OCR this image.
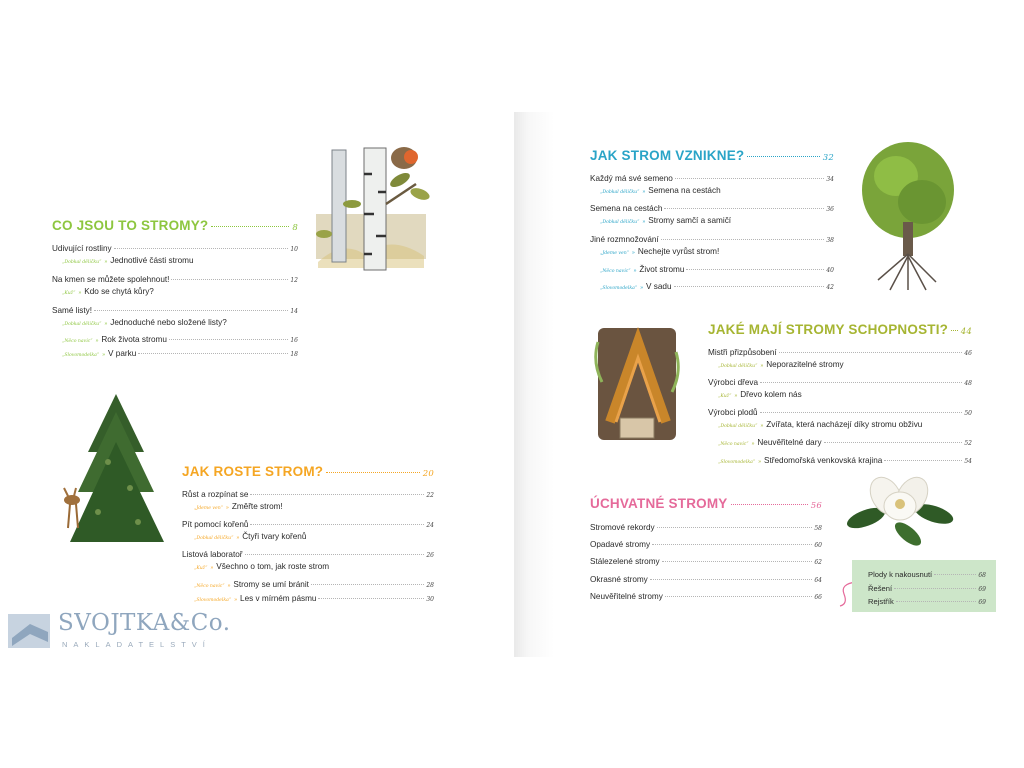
SVOJTKA&Co.
NAKLADATELSTVÍ
CO JSOU TO STROMY?	8
Udivující rostliny	10
„Dobkal dělíčku“ » Jednotlivé části stromu
Na kmen se můžete spolehnout!	12
„Kuž“ » Kdo se chytá kůry?
Samé listy!	14
„Dobkal dělíčku“ » Jednoduché nebo složené listy?
„Něco navíc“ » Rok života stromu	16
„Slovomodelka“ » V parku	18
JAK ROSTE STROM?	20
Růst a rozpínat se	22
„Jdeme ven“ » Změřte strom!
Pít pomocí kořenů	24
„Dobkal dělíčku“ » Čtyři tvary kořenů
Listová laboratoř	26
„Kuž“ » Všechno o tom, jak roste strom
„Něco navíc“ » Stromy se umí bránit	28
„Slovomodelka“ » Les v mírném pásmu	30
JAK STROM VZNIKNE?	32
Každý má své semeno	34
„Dobkal dělíčku“ » Semena na cestách
Semena na cestách	36
„Dobkal dělíčku“ » Stromy samčí a samičí
Jiné rozmnožování	38
„Jdeme ven“ » Nechejte vyrůst strom!
„Něco navíc“ » Život stromu	40
„Slovomodelka“ » V sadu	42
JAKÉ MAJÍ STROMY SCHOPNOSTI? 44
Mistři přizpůsobení	46
„Dobkal dělíčku“ » Neporazitelné stromy
Výrobci dřeva	48
„Kuž“ » Dřevo kolem nás
Výrobci plodů	50
„Dobkal dělíčku“ » Zvířata, která nacházejí díky stromu obživu
„Něco navíc“ » Neuvěřitelné dary	52
„Slovomodelka“ » Středomořská venkovská krajina	54
ÚCHVATNÉ STROMY	56
Stromové rekordy	58
Opadavé stromy	60
Stálezelené stromy	62
Okrasné stromy	64
Neuvěřitelné stromy	66
Plody k nakousnutí	68
Řešení	69
Rejstřík	69
